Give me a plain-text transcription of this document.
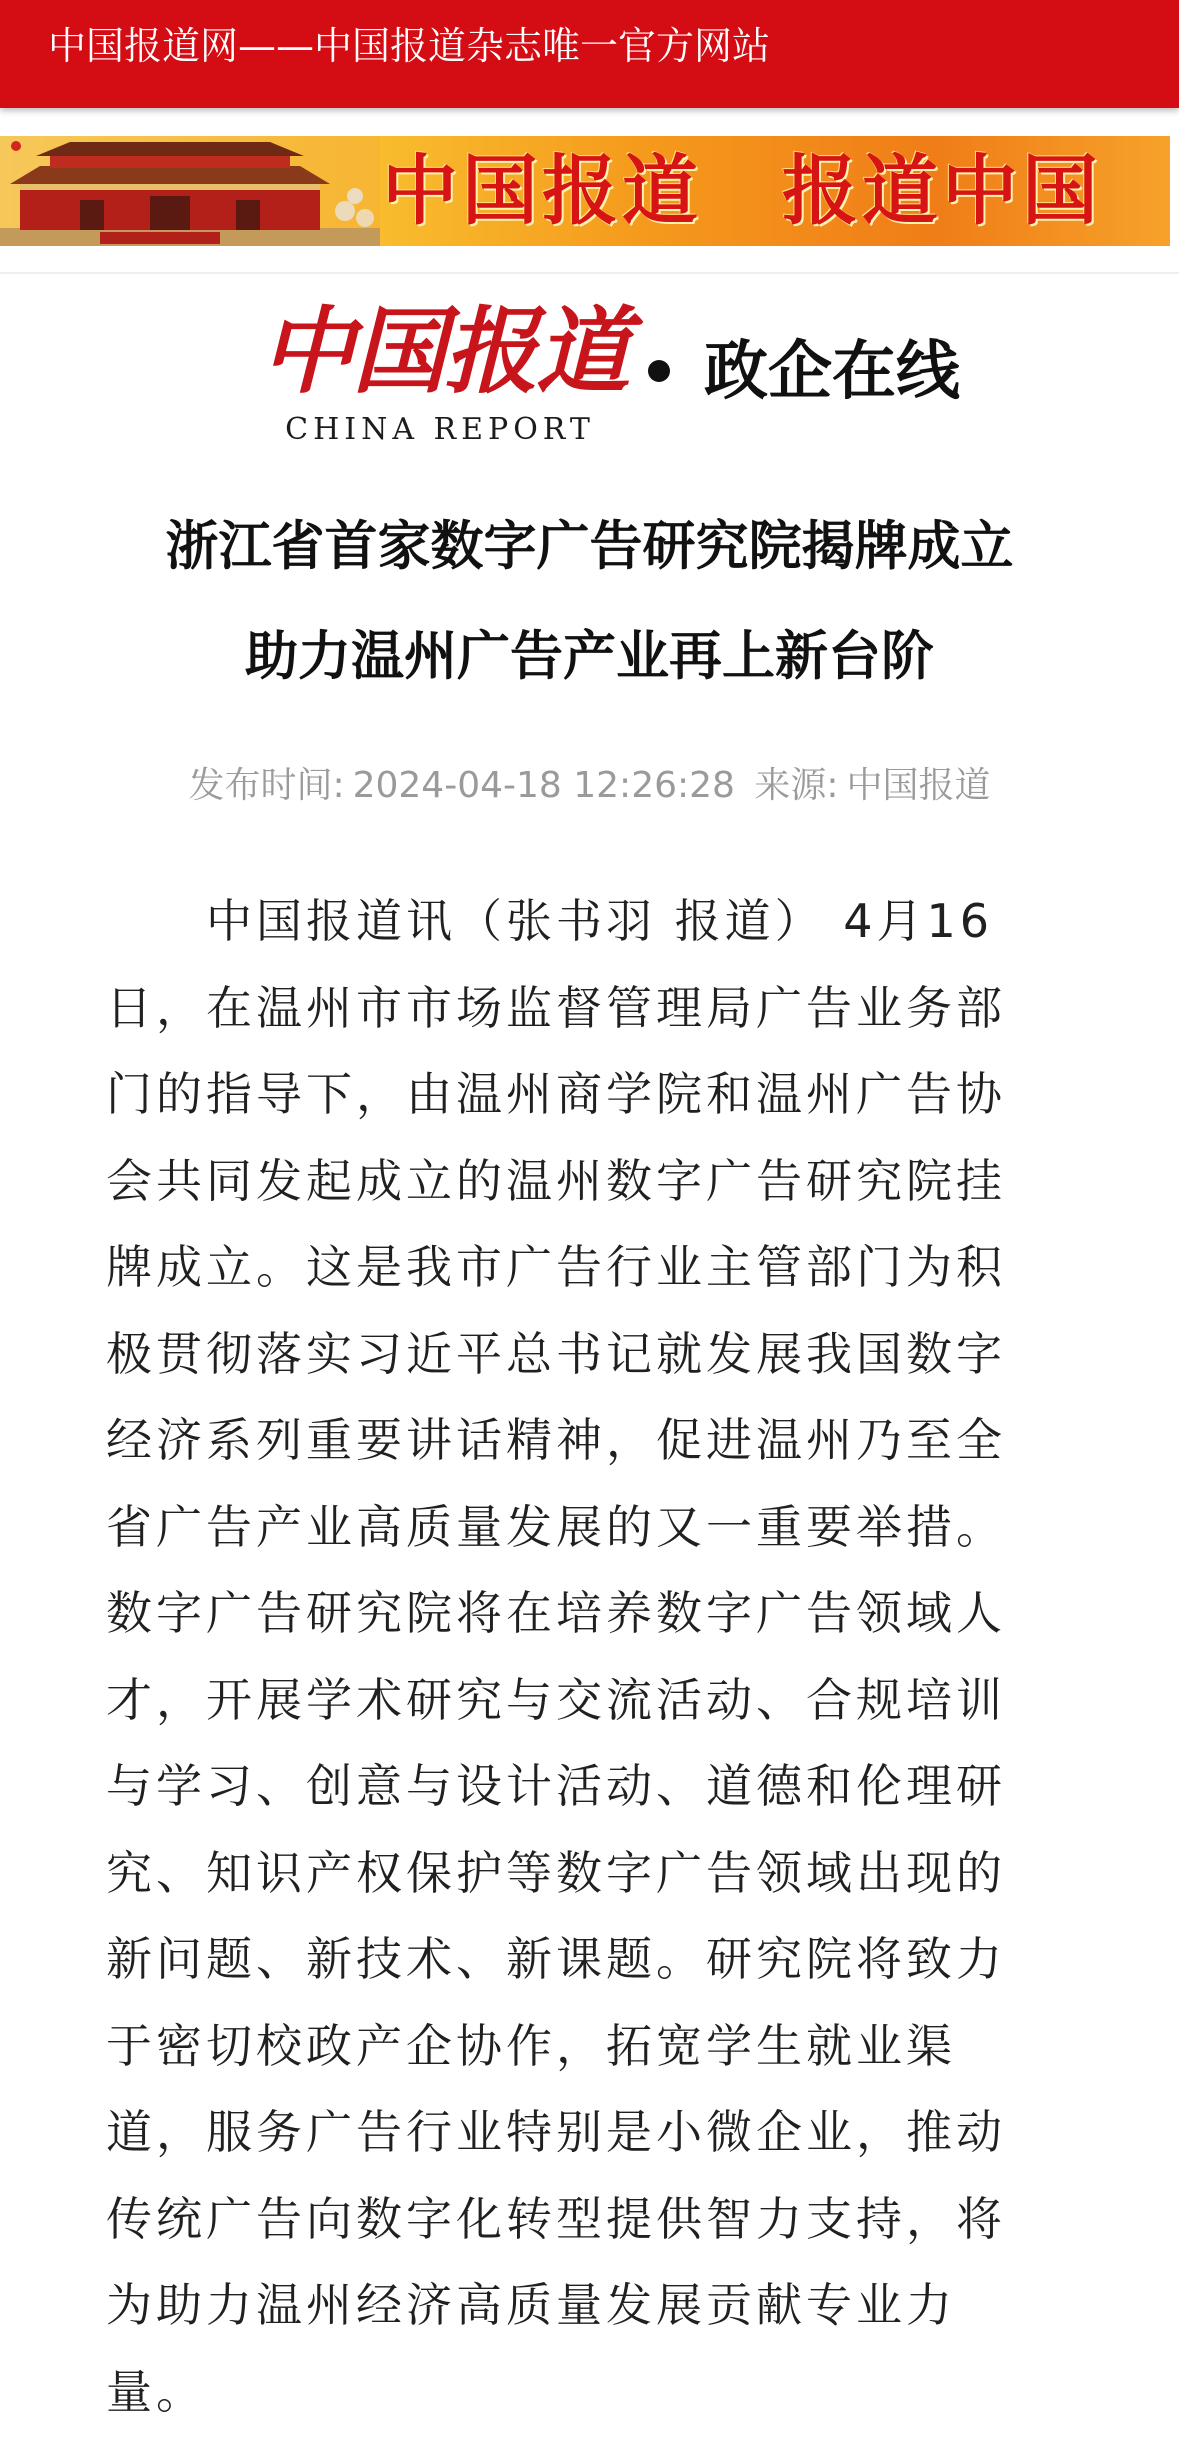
中国报道网——中国报道杂志唯一官方网站
中国报道 报道中国
中国报道
CHINA REPORT
政企在线
浙江省首家数字广告研究院揭牌成立
助力温州广告产业再上新台阶
发布时间: 2024-04-18 12:26:28 来源: 中国报道

　　中国报道讯（张书羽 报道） 4月16
日，在温州市市场监督管理局广告业务部
门的指导下，由温州商学院和温州广告协
会共同发起成立的温州数字广告研究院挂
牌成立。这是我市广告行业主管部门为积
极贯彻落实习近平总书记就发展我国数字
经济系列重要讲话精神，促进温州乃至全
省广告产业高质量发展的又一重要举措。
数字广告研究院将在培养数字广告领域人
才，开展学术研究与交流活动、合规培训
与学习、创意与设计活动、道德和伦理研
究、知识产权保护等数字广告领域出现的
新问题、新技术、新课题。研究院将致力
于密切校政产企协作，拓宽学生就业渠
道，服务广告行业特别是小微企业，推动
传统广告向数字化转型提供智力支持，将
为助力温州经济高质量发展贡献专业力
量。
